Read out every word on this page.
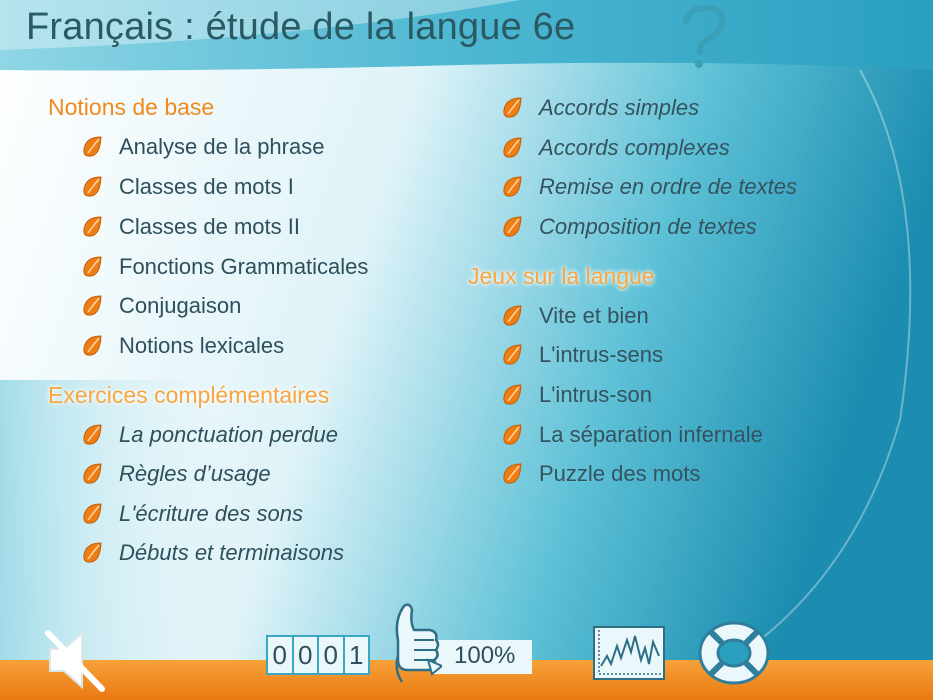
Français : étude de la langue 6e
Notions de base
Analyse de la phrase
Classes de mots I
Classes de mots II
Fonctions Grammaticales
Conjugaison
Notions lexicales
Exercices complémentaires
La ponctuation perdue
Règles d’usage
L'écriture des sons
Débuts et terminaisons
Accords simples
Accords complexes
Remise en ordre de textes
Composition de textes
Jeux sur la langue
Vite et bien
L'intrus-sens
L'intrus-son
La séparation infernale
Puzzle des mots
0 0 0 1	100%
